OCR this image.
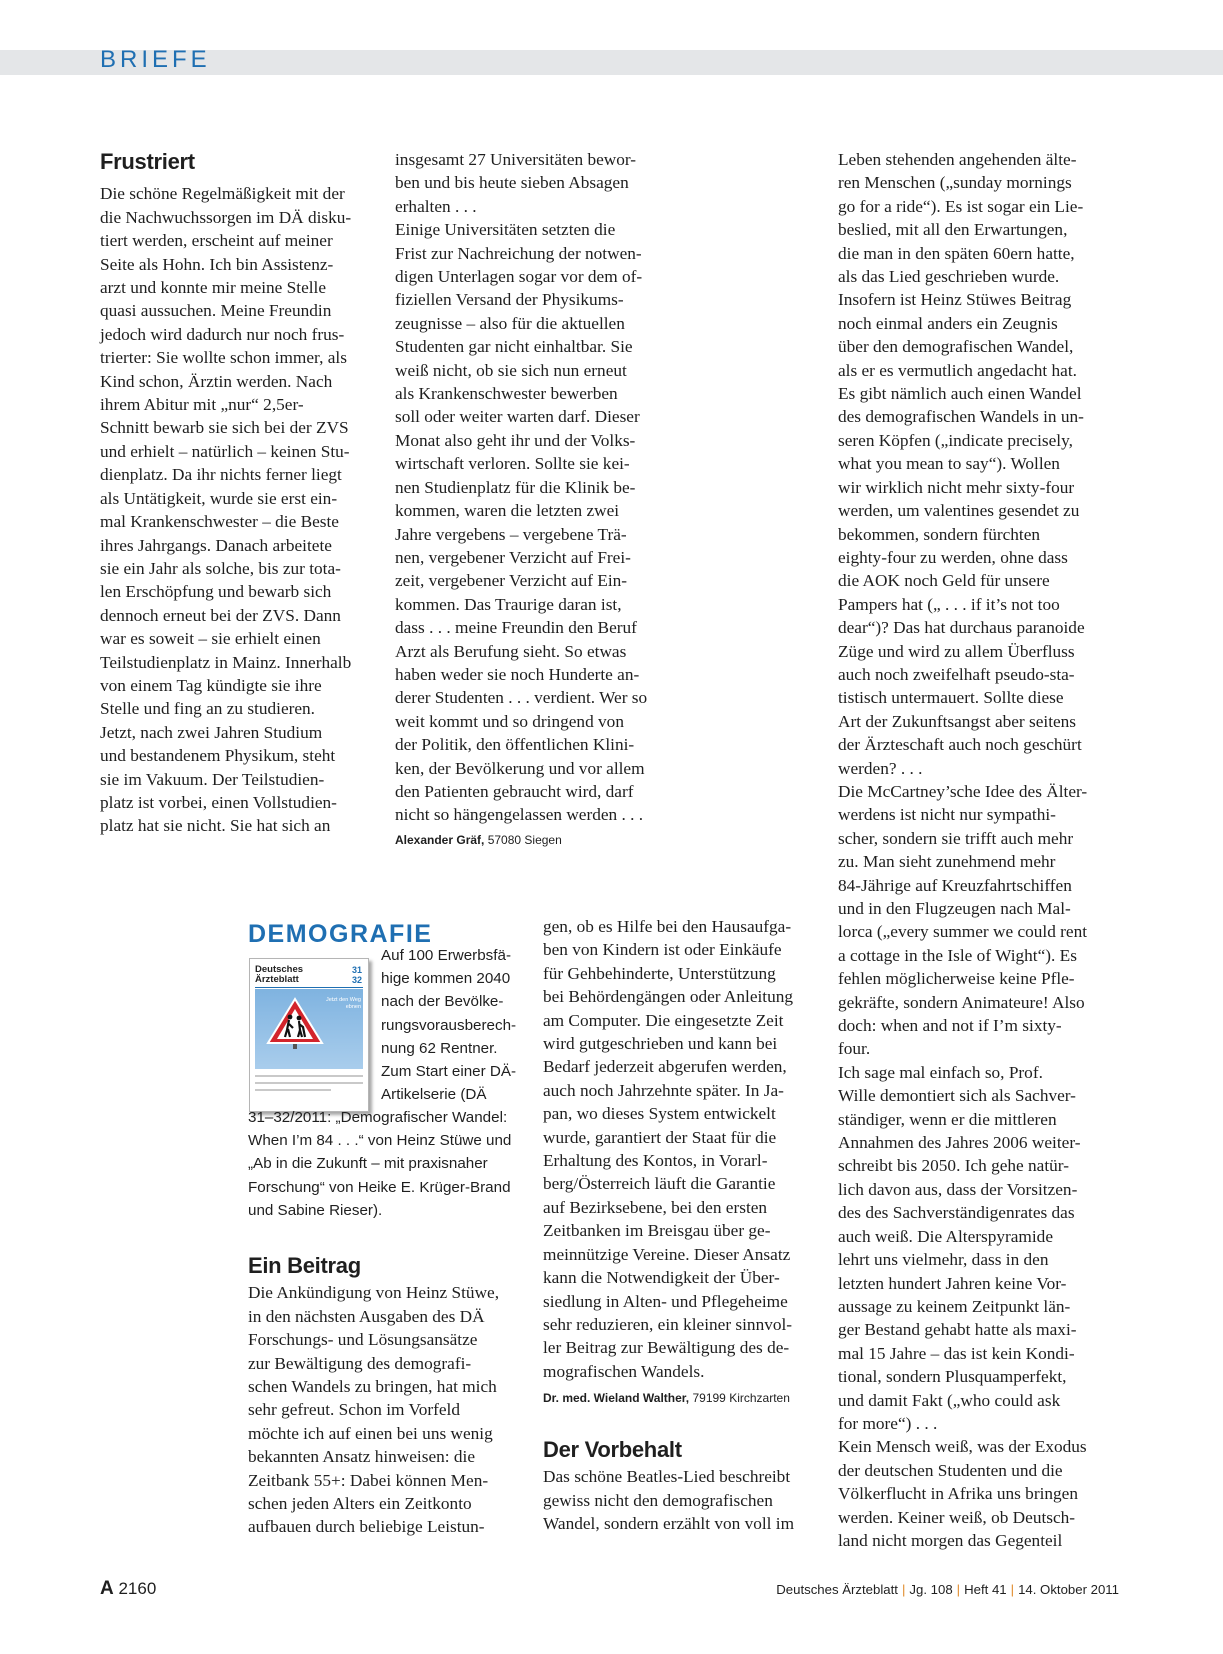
BRIEFE
Frustriert

Die schöne Regelmäßigkeit mit der
die Nachwuchssorgen im DÄ disku-
tiert werden, erscheint auf meiner
Seite als Hohn. Ich bin Assistenz-
arzt und konnte mir meine Stelle
quasi aussuchen. Meine Freundin
jedoch wird dadurch nur noch frus-
trierter: Sie wollte schon immer, als
Kind schon, Ärztin werden. Nach
ihrem Abitur mit „nur“ 2,5er-
Schnitt bewarb sie sich bei der ZVS
und erhielt – natürlich – keinen Stu-
dienplatz. Da ihr nichts ferner liegt
als Untätigkeit, wurde sie erst ein-
mal Krankenschwester – die Beste
ihres Jahrgangs. Danach arbeitete
sie ein Jahr als solche, bis zur tota-
len Erschöpfung und bewarb sich
dennoch erneut bei der ZVS. Dann
war es soweit – sie erhielt einen
Teilstudienplatz in Mainz. Innerhalb
von einem Tag kündigte sie ihre
Stelle und fing an zu studieren.
Jetzt, nach zwei Jahren Studium
und bestandenem Physikum, steht
sie im Vakuum. Der Teilstudien-
platz ist vorbei, einen Vollstudien-
platz hat sie nicht. Sie hat sich an

insgesamt 27 Universitäten bewor-
ben und bis heute sieben Absagen
erhalten . . .
Einige Universitäten setzten die
Frist zur Nachreichung der notwen-
digen Unterlagen sogar vor dem of-
fiziellen Versand der Physikums-
zeugnisse – also für die aktuellen
Studenten gar nicht einhaltbar. Sie
weiß nicht, ob sie sich nun erneut
als Krankenschwester bewerben
soll oder weiter warten darf. Dieser
Monat also geht ihr und der Volks-
wirtschaft verloren. Sollte sie kei-
nen Studienplatz für die Klinik be-
kommen, waren die letzten zwei
Jahre vergebens – vergebene Trä-
nen, vergebener Verzicht auf Frei-
zeit, vergebener Verzicht auf Ein-
kommen. Das Traurige daran ist,
dass . . . meine Freundin den Beruf
Arzt als Berufung sieht. So etwas
haben weder sie noch Hunderte an-
derer Studenten . . . verdient. Wer so
weit kommt und so dringend von
der Politik, den öffentlichen Klini-
ken, der Bevölkerung und vor allem
den Patienten gebraucht wird, darf
nicht so hängengelassen werden . . .

Alexander Gräf, 57080 Siegen
DEMOGRAFIE
Deutsches Ärzteblatt
31 32
Jetzt den Weg ebnen

Auf 100 Erwerbsfä-
hige kommen 2040
nach der Bevölke-
rungsvorausberech-
nung 62 Rentner.
Zum Start einer DÄ-
Artikelserie (DÄ

31–32/2011: „Demografischer Wandel:
When I’m 84 . . .“ von Heinz Stüwe und
„Ab in die Zukunft – mit praxisnaher
Forschung“ von Heike E. Krüger-Brand
und Sabine Rieser).

Ein Beitrag

Die Ankündigung von Heinz Stüwe,
in den nächsten Ausgaben des DÄ
Forschungs- und Lösungsansätze
zur Bewältigung des demografi-
schen Wandels zu bringen, hat mich
sehr gefreut. Schon im Vorfeld
möchte ich auf einen bei uns wenig
bekannten Ansatz hinweisen: die
Zeitbank 55+: Dabei können Men-
schen jeden Alters ein Zeitkonto
aufbauen durch beliebige Leistun-

gen, ob es Hilfe bei den Hausaufga-
ben von Kindern ist oder Einkäufe
für Gehbehinderte, Unterstützung
bei Behördengängen oder Anleitung
am Computer. Die eingesetzte Zeit
wird gutgeschrieben und kann bei
Bedarf jederzeit abgerufen werden,
auch noch Jahrzehnte später. In Ja-
pan, wo dieses System entwickelt
wurde, garantiert der Staat für die
Erhaltung des Kontos, in Vorarl-
berg/Österreich läuft die Garantie
auf Bezirksebene, bei den ersten
Zeitbanken im Breisgau über ge-
meinnützige Vereine. Dieser Ansatz
kann die Notwendigkeit der Über-
siedlung in Alten- und Pflegeheime
sehr reduzieren, ein kleiner sinnvol-
ler Beitrag zur Bewältigung des de-
mografischen Wandels.

Dr. med. Wieland Walther, 79199 Kirchzarten
Der Vorbehalt

Das schöne Beatles-Lied beschreibt
gewiss nicht den demografischen
Wandel, sondern erzählt von voll im

Leben stehenden angehenden älte-
ren Menschen („sunday mornings
go for a ride“). Es ist sogar ein Lie-
beslied, mit all den Erwartungen,
die man in den späten 60ern hatte,
als das Lied geschrieben wurde.
Insofern ist Heinz Stüwes Beitrag
noch einmal anders ein Zeugnis
über den demografischen Wandel,
als er es vermutlich angedacht hat.
Es gibt nämlich auch einen Wandel
des demografischen Wandels in un-
seren Köpfen („indicate precisely,
what you mean to say“). Wollen
wir wirklich nicht mehr sixty-four
werden, um valentines gesendet zu
bekommen, sondern fürchten
eighty-four zu werden, ohne dass
die AOK noch Geld für unsere
Pampers hat („ . . . if it’s not too
dear“)? Das hat durchaus paranoide
Züge und wird zu allem Überfluss
auch noch zweifelhaft pseudo-sta-
tistisch untermauert. Sollte diese
Art der Zukunftsangst aber seitens
der Ärzteschaft auch noch geschürt
werden? . . .
Die McCartney’sche Idee des Älter-
werdens ist nicht nur sympathi-
scher, sondern sie trifft auch mehr
zu. Man sieht zunehmend mehr
84-Jährige auf Kreuzfahrtschiffen
und in den Flugzeugen nach Mal-
lorca („every summer we could rent
a cottage in the Isle of Wight“). Es
fehlen möglicherweise keine Pfle-
gekräfte, sondern Animateure! Also
doch: when and not if I’m sixty-
four.
Ich sage mal einfach so, Prof.
Wille demontiert sich als Sachver-
ständiger, wenn er die mittleren
Annahmen des Jahres 2006 weiter-
schreibt bis 2050. Ich gehe natür-
lich davon aus, dass der Vorsitzen-
des des Sachverständigenrates das
auch weiß. Die Alterspyramide
lehrt uns vielmehr, dass in den
letzten hundert Jahren keine Vor-
aussage zu keinem Zeitpunkt län-
ger Bestand gehabt hatte als maxi-
mal 15 Jahre – das ist kein Kondi-
tional, sondern Plusquamperfekt,
und damit Fakt („who could ask
for more“) . . .
Kein Mensch weiß, was der Exodus
der deutschen Studenten und die
Völkerflucht in Afrika uns bringen
werden. Keiner weiß, ob Deutsch-
land nicht morgen das Gegenteil

A 2160	Deutsches Ärzteblatt | Jg. 108 | Heft 41 | 14. Oktober 2011
